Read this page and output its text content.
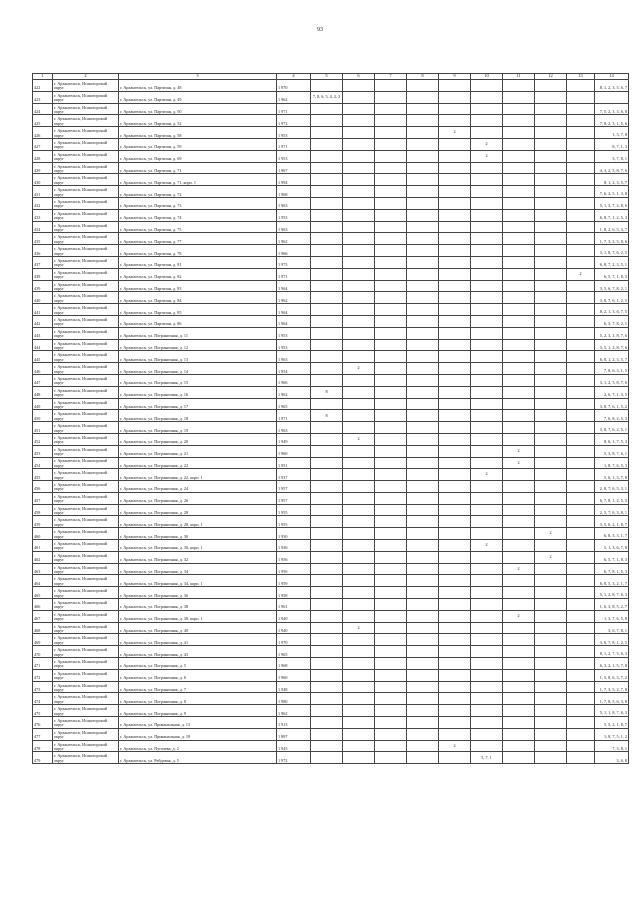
93
1	2	3	4	5	6	7	8	9	10	11	12	13	14
422	г. Архангельск, Исакогорский округ	г. Архангельск, ул. Партизан, д. 48	1 970										8, 1, 2, 3, 5, 6, 7
423	г. Архангельск, Исакогорский округ	г. Архангельск, ул. Партизан, д. 49	1 962	7, 8, 6, 5, 4, 2, 3									
424	г. Архангельск, Исакогорский округ	г. Архангельск, ул. Партизан, д. 50	1 971										7, 5, 2, 1, 3, 6, 8
425	г. Архангельск, Исакогорский округ	г. Архангельск, ул. Партизан, д. 52	1 972										7, 8, 2, 3, 1, 5, 6
426	г. Архангельск, Исакогорский округ	г. Архангельск, ул. Партизан, д. 58	1 953					2					1, 3, 7, 8
427	г. Архангельск, Исакогорский округ	г. Архангельск, ул. Партизан, д. 59	1 971						2				8, 7, 1, 3
428	г. Архангельск, Исакогорский округ	г. Архангельск, ул. Партизан, д. 69	1 953						2				3, 7, 8, 1
429	г. Архангельск, Исакогорский округ	г. Архангельск, ул. Партизан, д. 71	1 967										4, 3, 2, 5, 8, 7, 6
430	г. Архангельск, Исакогорский округ	г. Архангельск, ул. Партизан, д. 71, корп. 1	1 994										8, 1, 2, 3, 5, 7
431	г. Архангельск, Исакогорский округ	г. Архангельск, ул. Партизан, д. 72	1 968										7, 6, 2, 5, 1, 3, 8
432	г. Архангельск, Исакогорский округ	г. Архангельск, ул. Партизан, д. 73	1 963										5, 1, 3, 7, 2, 8, 6
433	г. Архангельск, Исакогорский округ	г. Архангельск, ул. Партизан, д. 74	1 953										6, 8, 7, 1, 2, 5, 3
434	г. Архангельск, Исакогорский округ	г. Архангельск, ул. Партизан, д. 75	1 963										1, 8, 2, 6, 5, 3, 7
435	г. Архангельск, Исакогорский округ	г. Архангельск, ул. Партизан, д. 77	1 962										1, 7, 3, 2, 5, 8, 6
436	г. Архангельск, Исакогорский округ	г. Архангельск, ул. Партизан, д. 78	1 966										3, 1, 8, 7, 6, 2, 5
437	г. Архангельск, Исакогорский округ	г. Архангельск, ул. Партизан, д. 81	1 973										6, 8, 7, 2, 3, 5, 1
438	г. Архангельск, Исакогорский округ	г. Архангельск, ул. Партизан, д. 82	1 971									2	6, 5, 7, 1, 8, 3
439	г. Архангельск, Исакогорский округ	г. Архангельск, ул. Партизан, д. 83	1 964										3, 5, 6, 7, 8, 2, 1
440	г. Архангельск, Исакогорский округ	г. Архангельск, ул. Партизан, д. 84	1 962										3, 8, 7, 6, 1, 2, 5
441	г. Архангельск, Исакогорский округ	г. Архангельск, ул. Партизан, д. 85	1 964										8, 2, 1, 3, 6, 7, 5
442	г. Архангельск, Исакогорский округ	г. Архангельск, ул. Партизан, д. 86	1 964										6, 3, 7, 8, 2, 1
443	г. Архангельск, Исакогорский округ	г. Архангельск, ул. Пограничная, д. 11	1 953										5, 2, 3, 1, 8, 7, 6
444	г. Архангельск, Исакогорский округ	г. Архангельск, ул. Пограничная, д. 12	1 953										3, 5, 1, 2, 8, 7, 6
445	г. Архангельск, Исакогорский округ	г. Архангельск, ул. Пограничная, д. 13	1 963										6, 8, 1, 2, 3, 5, 7
446	г. Архангельск, Исакогорский округ	г. Архангельск, ул. Пограничная, д. 14	1 954		2								7, 8, 6, 3, 1, 5
447	г. Архангельск, Исакогорский округ	г. Архангельск, ул. Пограничная, д. 15	1 966										3, 1, 2, 5, 8, 7, 6
448	г. Архангельск, Исакогорский округ	г. Архангельск, ул. Пограничная, д. 16	1 962	8									2, 6, 7, 1, 3, 5
449	г. Архангельск, Исакогорский округ	г. Архангельск, ул. Пограничная, д. 17	1 965										3, 8, 7, 6, 1, 5, 2
450	г. Архангельск, Исакогорский округ	г. Архангельск, ул. Пограничная, д. 18	1 971	8									7, 6, 8, 2, 5, 3
451	г. Архангельск, Исакогорский округ	г. Архангельск, ул. Пограничная, д. 19	1 963										3, 8, 7, 6, 2, 5, 1
452	г. Архангельск, Исакогорский округ	г. Архангельск, ул. Пограничная, д. 20	1 949		2								8, 6, 1, 7, 5, 3
453	г. Архангельск, Исакогорский округ	г. Архангельск, ул. Пограничная, д. 21	1 960							2			5, 3, 8, 7, 6, 1
454	г. Архангельск, Исакогорский округ	г. Архангельск, ул. Пограничная, д. 22	1 951							2			1, 8, 7, 6, 5, 3
455	г. Архангельск, Исакогорский округ	г. Архангельск, ул. Пограничная, д. 22, корп. 1	1 937						2				5, 6, 1, 3, 7, 8
456	г. Архангельск, Исакогорский округ	г. Архангельск, ул. Пограничная, д. 24	1 957										2, 8, 7, 6, 5, 3, 1
457	г. Архангельск, Исакогорский округ	г. Архангельск, ул. Пограничная, д. 26	1 957										6, 7, 8, 1, 2, 5, 3
458	г. Архангельск, Исакогорский округ	г. Архангельск, ул. Пограничная, д. 28	1 955										2, 5, 7, 6, 3, 8, 1
459	г. Архангельск, Исакогорский округ	г. Архангельск, ул. Пограничная, д. 28, корп. 1	1 955										3, 5, 6, 2, 1, 8, 7
460	г. Архангельск, Исакогорский округ	г. Архангельск, ул. Пограничная, д. 30	1 930								2		6, 8, 5, 3, 1, 7
461	г. Архангельск, Исакогорский округ	г. Архангельск, ул. Пограничная, д. 30, корп. 1	1 936						2				5, 1, 3, 6, 7, 8
462	г. Архангельск, Исакогорский округ	г. Архангельск, ул. Пограничная, д. 32	1 956								2		6, 5, 7, 1, 8, 3
463	г. Архангельск, Исакогорский округ	г. Архангельск, ул. Пограничная, д. 34	1 956							2			6, 7, 8, 1, 5, 3
464	г. Архангельск, Исакогорский округ	г. Архангельск, ул. Пограничная, д. 34, корп. 1	1 959										6, 8, 5, 3, 2, 1, 7
465	г. Архангельск, Исакогорский округ	г. Архангельск, ул. Пограничная, д. 36	1 958										5, 1, 2, 8, 7, 6, 3
466	г. Архангельск, Исакогорский округ	г. Архангельск, ул. Пограничная, д. 38	1 961										1, 6, 3, 8, 5, 2, 7
467	г. Архангельск, Исакогорский округ	г. Архангельск, ул. Пограничная, д. 38, корп. 1	1 940							2			1, 3, 7, 6, 5, 8
468	г. Архангельск, Исакогорский округ	г. Архангельск, ул. Пограничная, д. 40	1 940		2								3, 6, 7, 8, 1
469	г. Архангельск, Исакогорский округ	г. Архангельск, ул. Пограничная, д. 41	1 970										3, 6, 7, 8, 1, 2, 5
470	г. Архангельск, Исакогорский округ	г. Архангельск, ул. Пограничная, д. 43	1 965										8, 1, 2, 7, 5, 6, 3
471	г. Архангельск, Исакогорский округ	г. Архангельск, ул. Пограничная, д. 5	1 968										6, 3, 2, 1, 5, 7, 8
472	г. Архангельск, Исакогорский округ	г. Архангельск, ул. Пограничная, д. 6	1 960										1, 5, 8, 6, 3, 7, 2
473	г. Архангельск, Исакогорский округ	г. Архангельск, ул. Пограничная, д. 7	1 948										1, 7, 3, 5, 2, 7, 8
474	г. Архангельск, Исакогорский округ	г. Архангельск, ул. Пограничная, д. 8	1 980										1, 7, 8, 5, 6, 3, 8
475	г. Архангельск, Исакогорский округ	г. Архангельск, ул. Пограничная, д. 9	1 962										5, 1, 1, 8, 7, 6, 3
476	г. Архангельск, Исакогорский округ	г. Архангельск, ул. Приканальная, д. 13	1 913										5, 5, 2, 1, 8, 7
477	г. Архангельск, Исакогорский округ	г. Архангельск, ул. Приканальная, д. 18	1 897										1, 8, 7, 5, 1, 2
478	г. Архангельск, Исакогорский округ	г. Архангельск, ул. Пугачева, д. 2	1 945					2					7, 3, 8, 1
479	г. Архангельск, Исакогорский округ	г. Архангельск, ул. Рейдовая, д. 5	1 972						5, 7, 1				3, 6, 8
